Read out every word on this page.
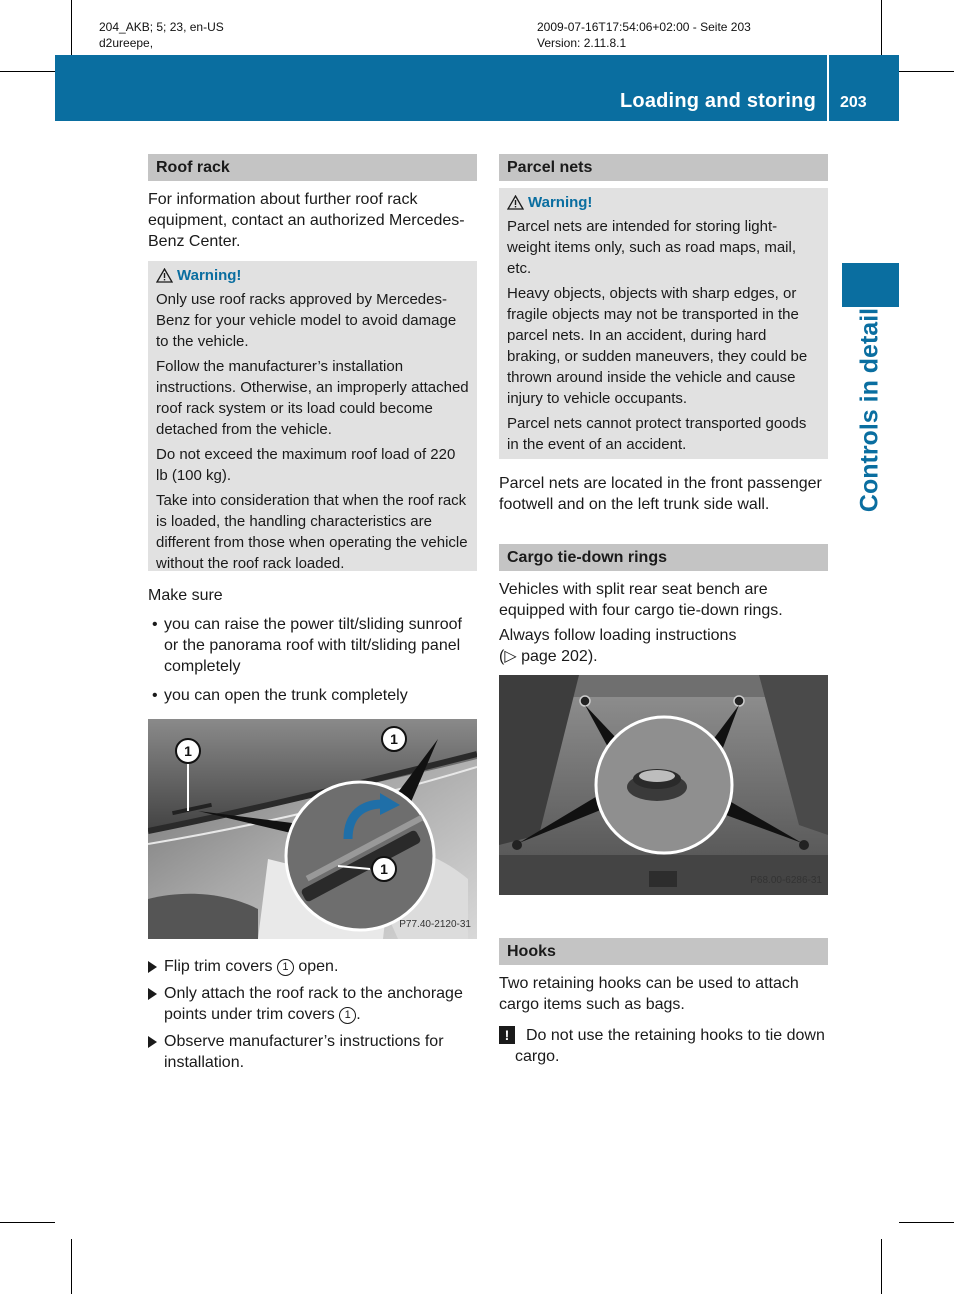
204_AKB; 5; 23, en-US
d2ureepe,
2009-07-16T17:54:06+02:00 - Seite 203
Version: 2.11.8.1
Loading and storing 203
Controls in detail
Roof rack

For information about further roof rack equipment, contact an authorized Mercedes-Benz Center.

Warning!

Only use roof racks approved by Mercedes-Benz for your vehicle model to avoid damage to the vehicle.

Follow the manufacturer’s installation instructions. Otherwise, an improperly attached roof rack system or its load could become detached from the vehicle.

Do not exceed the maximum roof load of 220 lb (100 kg).

Take into consideration that when the roof rack is loaded, the handling characteristics are different from those when operating the vehicle without the roof rack loaded.

Make sure

• you can raise the power tilt/sliding sunroof or the panorama roof with tilt/sliding panel completely

• you can open the trunk completely

1
1
1
P77.40-2120-31

Flip trim covers 1 open.

Only attach the roof rack to the anchorage points under trim covers 1 .

Observe manufacturer’s instructions for installation.

Parcel nets
Warning!

Parcel nets are intended for storing light-weight items only, such as road maps, mail, etc.

Heavy objects, objects with sharp edges, or fragile objects may not be transported in the parcel nets. In an accident, during hard braking, or sudden maneuvers, they could be thrown around inside the vehicle and cause injury to vehicle occupants.

Parcel nets cannot protect transported goods in the event of an accident.

Parcel nets are located in the front passenger footwell and on the left trunk side wall.

Cargo tie-down rings

Vehicles with split rear seat bench are equipped with four cargo tie-down rings.

Always follow loading instructions

(▷ page 202).

P68.00-6286-31
Hooks

Two retaining hooks can be used to attach cargo items such as bags.

!	Do not use the retaining hooks to tie down cargo.
